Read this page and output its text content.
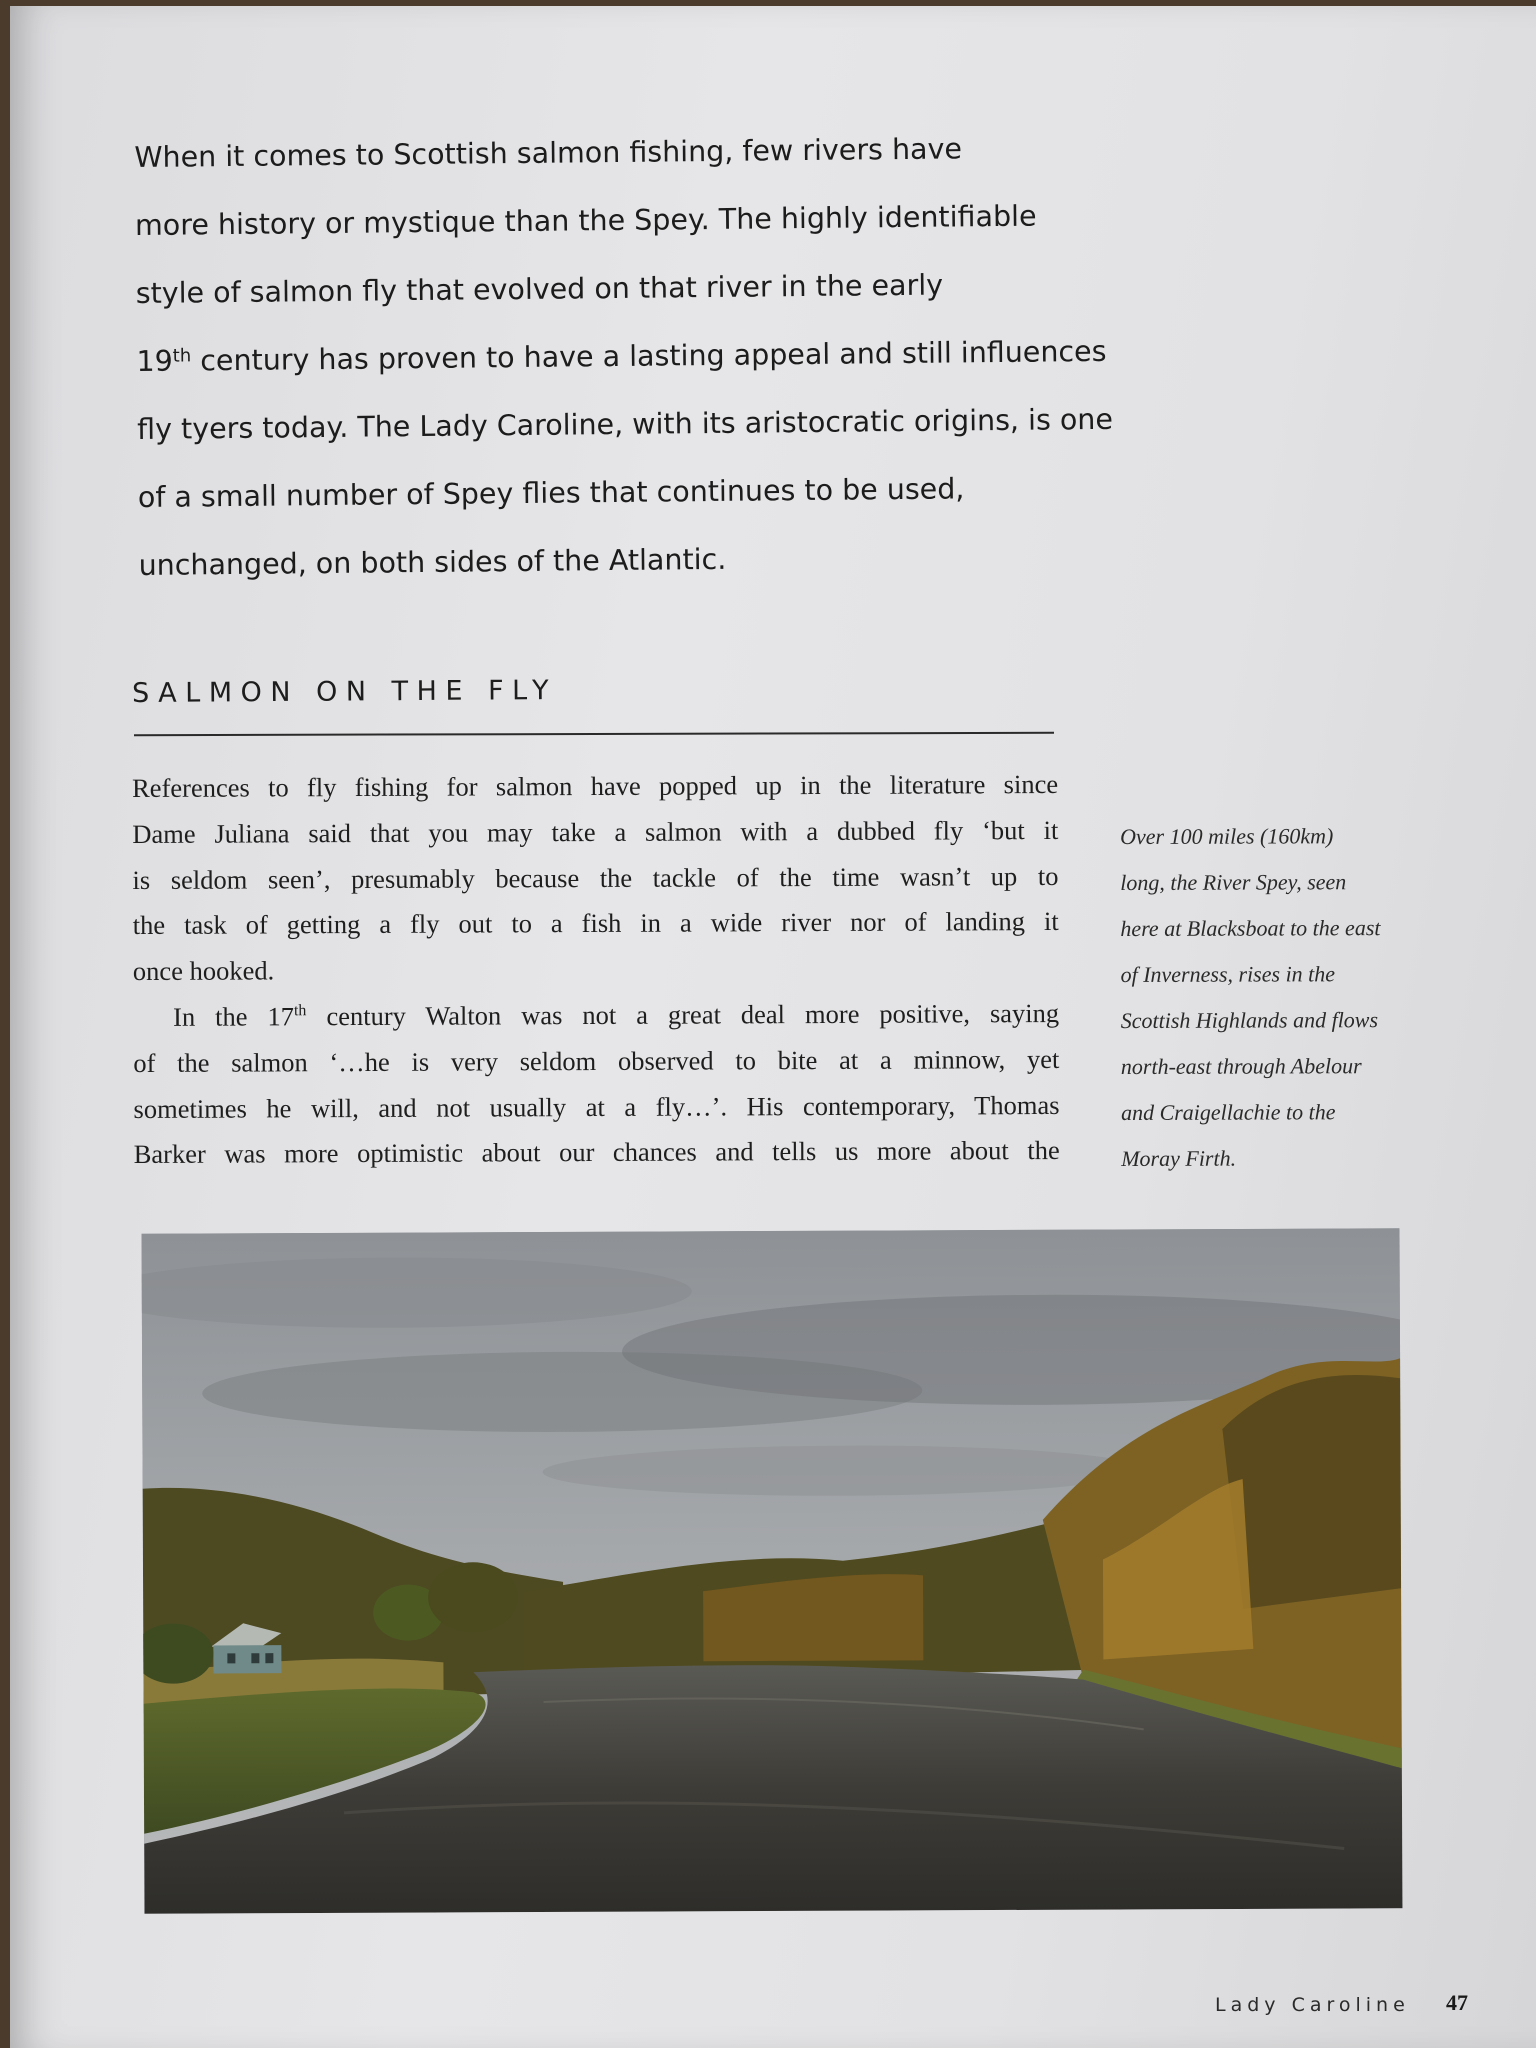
When it comes to Scottish salmon fishing, few rivers have
more history or mystique than the Spey. The highly identifiable
style of salmon fly that evolved on that river in the early
19th century has proven to have a lasting appeal and still influences
fly tyers today. The Lady Caroline, with its aristocratic origins, is one
of a small number of Spey flies that continues to be used,
unchanged, on both sides of the Atlantic.
SALMON ON THE FLY
References to fly fishing for salmon have popped up in the literature since
Dame Juliana said that you may take a salmon with a dubbed fly ‘but it
is seldom seen’, presumably because the tackle of the time wasn’t up to
the task of getting a fly out to a fish in a wide river nor of landing it
once hooked.
In the 17th century Walton was not a great deal more positive, saying
of the salmon ‘…he is very seldom observed to bite at a minnow, yet
sometimes he will, and not usually at a fly…’. His contemporary, Thomas
Barker was more optimistic about our chances and tells us more about the
Over 100 miles (160km)
long, the River Spey, seen
here at Blacksboat to the east
of Inverness, rises in the
Scottish Highlands and flows
north-east through Abelour
and Craigellachie to the
Moray Firth.
Lady Caroline 47
